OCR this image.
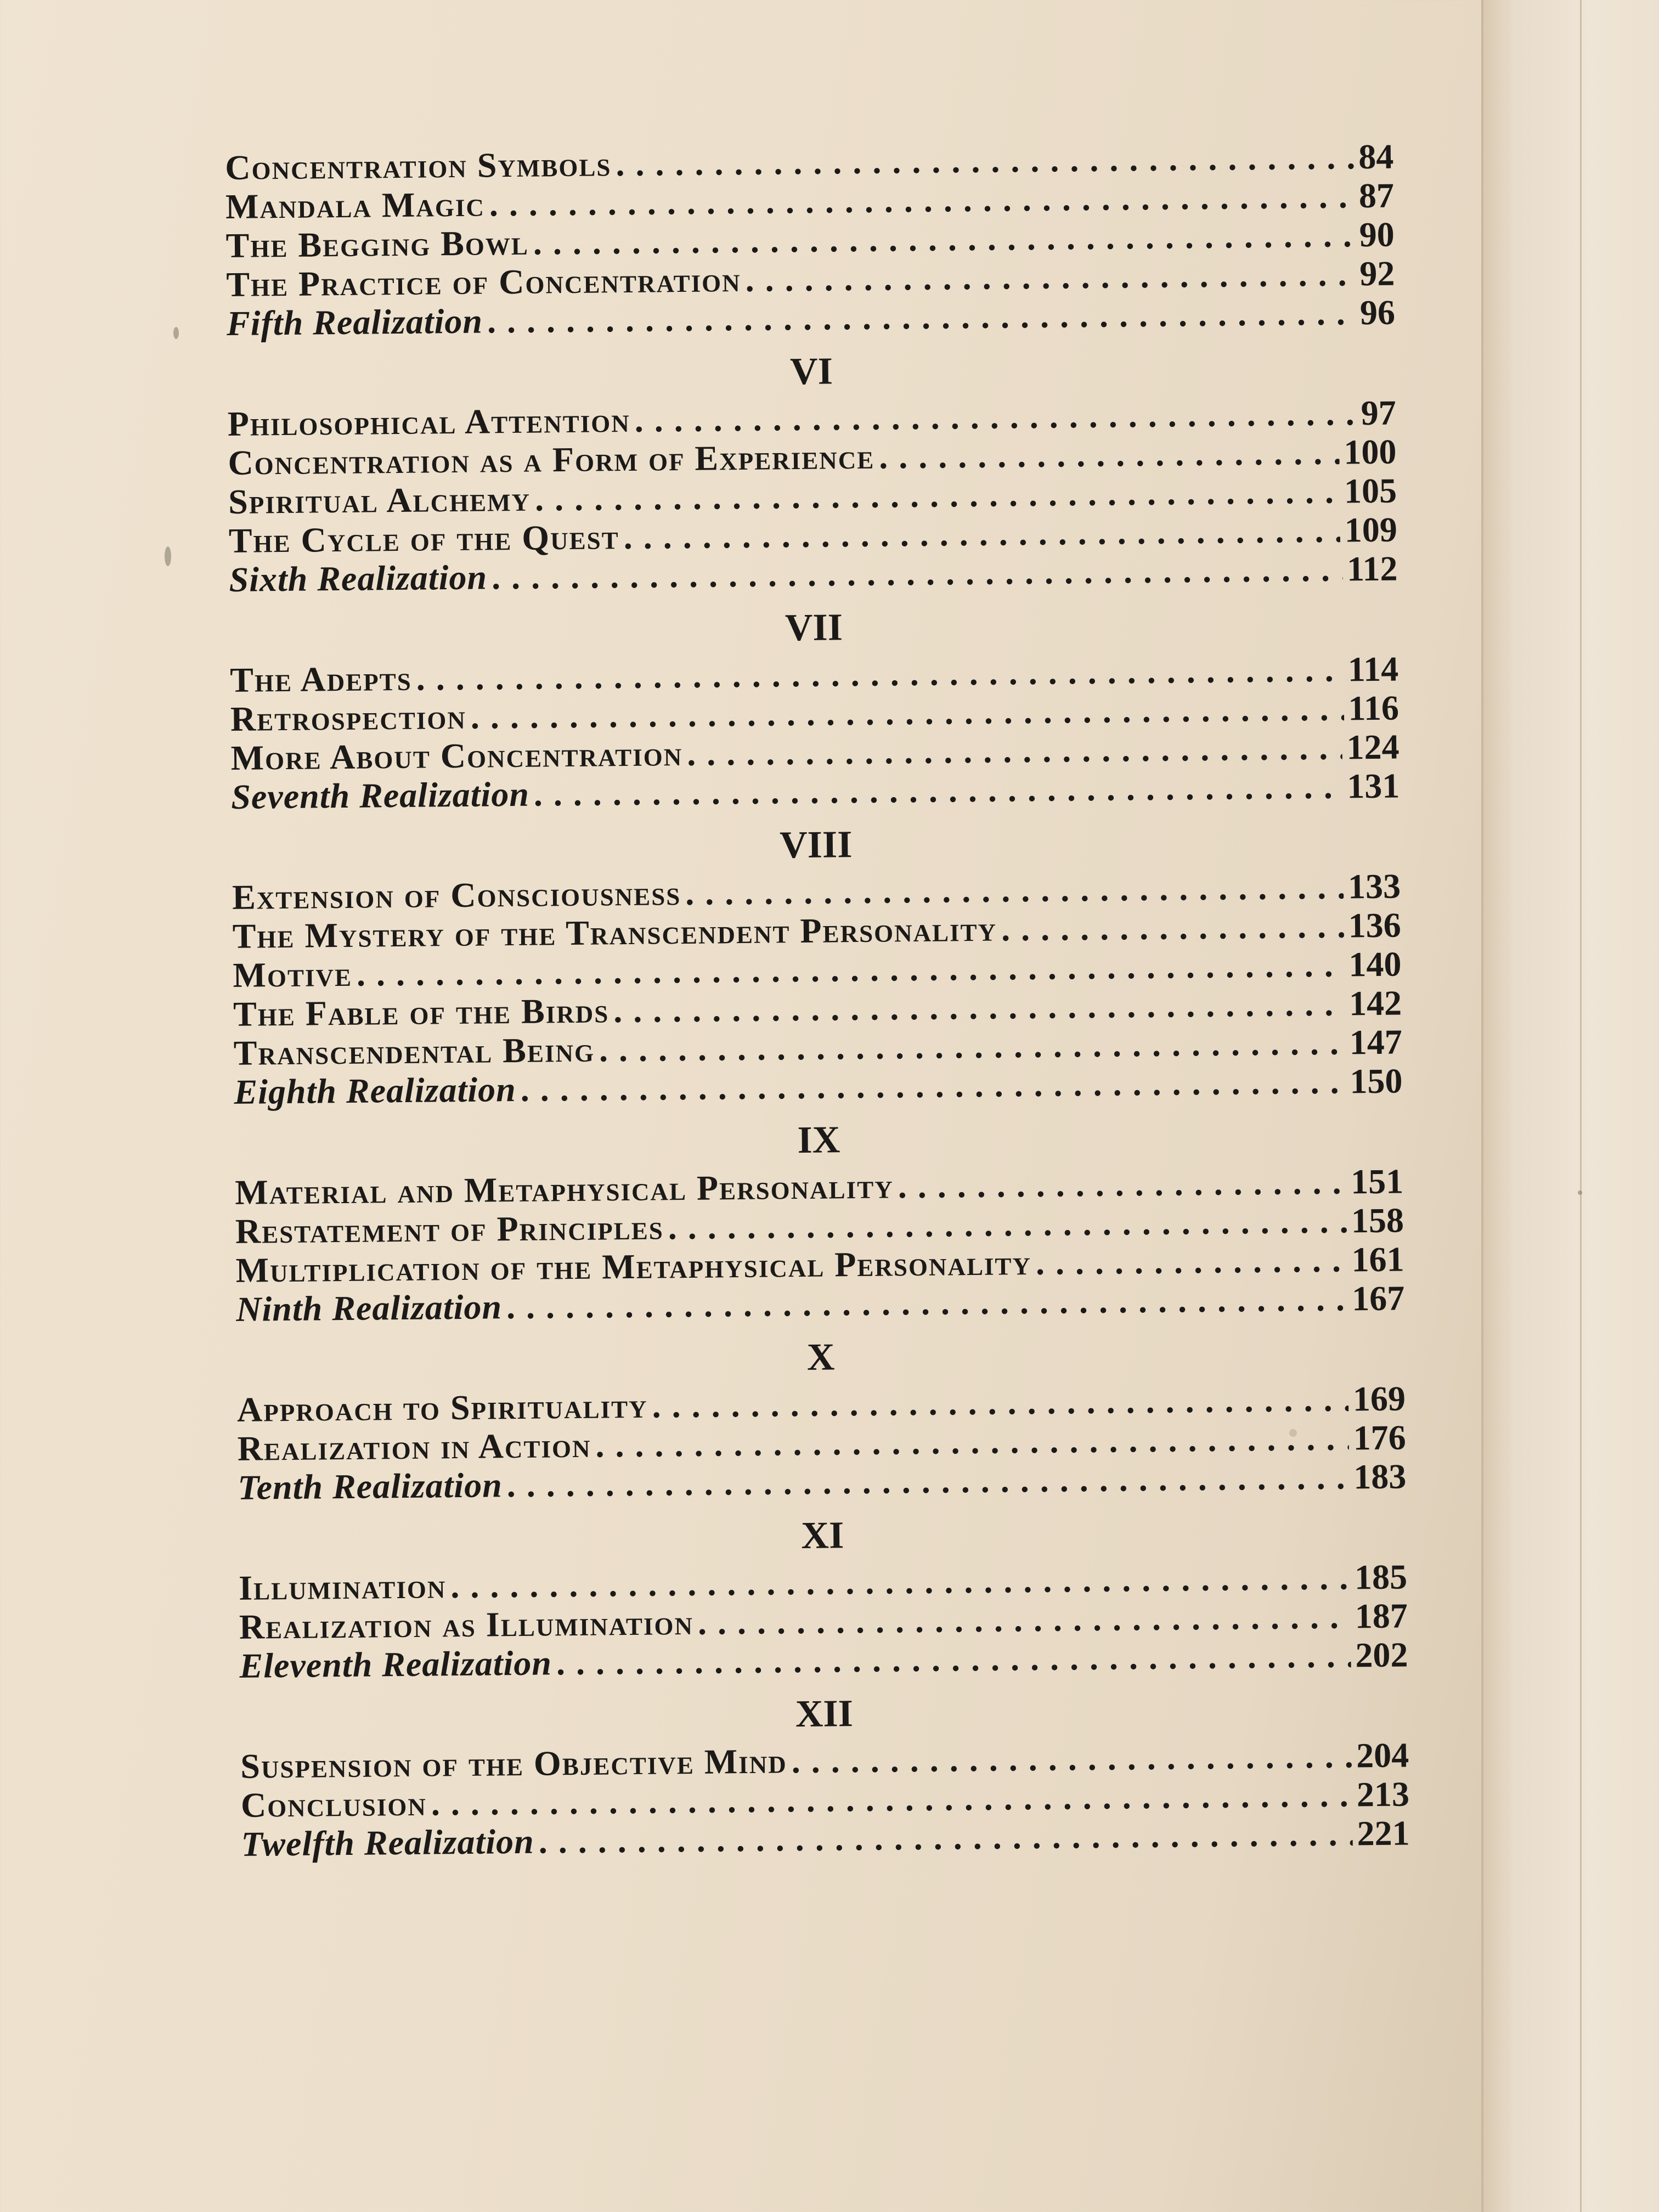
Concentration Symbols . . .	84
Mandala Magic . . .	87
The Begging Bowl . . .	90
The Practice of Concentration . . .	92
Fifth Realization . . .	96
VI
Philosophical Attention . . .	97
Concentration as a Form of Experience . . .	100
Spiritual Alchemy . . .	105
The Cycle of the Quest . . .	109
Sixth Realization . . .	112
VII
The Adepts . . .	114
Retrospection . . .	116
More About Concentration . . .	124
Seventh Realization . . .	131
VIII
Extension of Consciousness . . .	133
The Mystery of the Transcendent Personality . . .	136
Motive . . .	140
The Fable of the Birds . . .	142
Transcendental Being . . .	147
Eighth Realization . . .	150
IX
Material and Metaphysical Personality . . .	151
Restatement of Principles . . .	158
Multiplication of the Metaphysical Personality . . .	161
Ninth Realization . . .	167
X
Approach to Spirituality . . .	169
Realization in Action . . .	176
Tenth Realization . . .	183
XI
Illumination . . .	185
Realization as Illumination . . .	187
Eleventh Realization . . .	202
XII
Suspension of the Objective Mind . . .	204
Conclusion . . .	213
Twelfth Realization . . .	221
